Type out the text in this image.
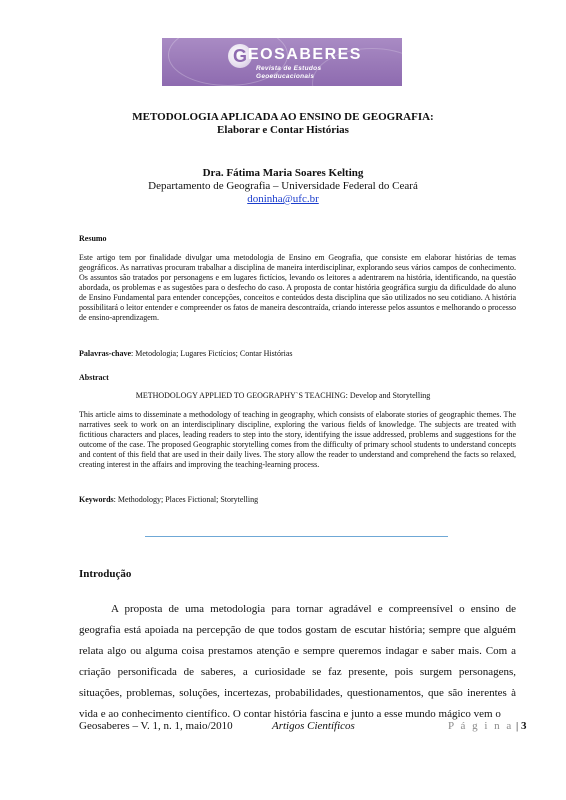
G EOSABERES
Revista de Estudos
Geoeducacionais
METODOLOGIA APLICADA AO ENSINO DE GEOGRAFIA:
Elaborar e Contar Histórias
Dra. Fátima Maria Soares Kelting
Departamento de Geografia – Universidade Federal do Ceará
doninha@ufc.br
Resumo
Este artigo tem por finalidade divulgar uma metodologia de Ensino em Geografia, que consiste em elaborar histórias de temas geográficos. As narrativas procuram trabalhar a disciplina de maneira interdisciplinar, explorando seus vários campos de conhecimento. Os assuntos são tratados por personagens e em lugares fictícios, levando os leitores a adentrarem na história, identificando, na questão abordada, os problemas e as sugestões para o desfecho do caso. A proposta de contar história geográfica surgiu da dificuldade do aluno de Ensino Fundamental para entender concepções, conceitos e conteúdos desta disciplina que são utilizados no seu cotidiano. A história possibilitará o leitor entender e compreender os fatos de maneira descontraída, criando interesse pelos assuntos e melhorando o processo de ensino-aprendizagem.
Palavras-chave: Metodologia; Lugares Fictícios; Contar Histórias
Abstract
METHODOLOGY APPLIED TO GEOGRAPHY`S TEACHING: Develop and Storytelling
This article aims to disseminate a methodology of teaching in geography, which consists of elaborate stories of geographic themes. The narratives seek to work on an interdisciplinary discipline, exploring the various fields of knowledge. The subjects are treated with fictitious characters and places, leading readers to step into the story, identifying the issue addressed, problems and suggestions for the outcome of the case. The proposed Geographic storytelling comes from the difficulty of primary school students to understand concepts and content of this field that are used in their daily lives. The story allow the reader to understand and comprehend the facts so relaxed, creating interest in the affairs and improving the teaching-learning process.
Keywords: Methodology; Places Fictional; Storytelling
Introdução
A proposta de uma metodologia para tornar agradável e compreensível o ensino de geografia está apoiada na percepção de que todos gostam de escutar história; sempre que alguém relata algo ou alguma coisa prestamos atenção e sempre queremos indagar e saber mais. Com a criação personificada de saberes, a curiosidade se faz presente, pois surgem personagens, situações, problemas, soluções, incertezas, probabilidades, questionamentos, que são inerentes à vida e ao conhecimento científico. O contar história fascina e junto a esse mundo mágico vem o
Geosaberes – V. 1, n. 1, maio/2010	Artigos Científicos	P á g i n a | 3
